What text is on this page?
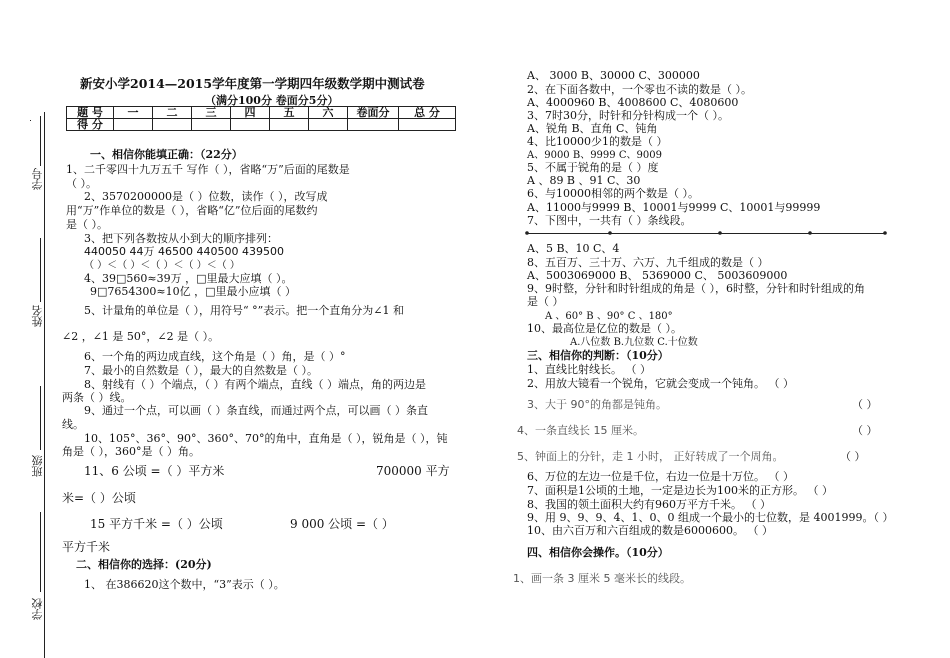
学号
姓名
班级
学校
新安小学2014—2015学年度第一学期四年级数学期中测试卷
（满分100分 卷面分5分）
题 号	一	二	三	四	五	六	卷面分	总 分
得 分								
一、相信你能填正确：（22分）
1、二千零四十九万五千 写作（ ），省略“万”后面的尾数是
（ ）。
2、3570200000是（ ）位数，读作（ ），改写成
用“万”作单位的数是（ ），省略“亿”位后面的尾数约
是（ ）。
3、把下列各数按从小到大的顺序排列：
440050 44万 46500 440500 439500
（ ）＜（ ）＜（ ）＜（ ）＜（ ）
4、39□560≈39万 ，□里最大应填（ ）。
9□7654300≈10亿 ，□里最小应填（ ）
5、计量角的单位是（ ），用符号“ °”表示。把一个直角分为∠1 和
∠2 ，∠1 是 50°，∠2 是（ ）。
6、一个角的两边成直线，这个角是（ ）角，是（ ）°
7、最小的自然数是（ ），最大的自然数是（ ）。
8、射线有（ ）个端点，（ ）有两个端点，直线（ ）端点，角的两边是
两条（ ）线。
9、通过一个点，可以画（ ）条直线，而通过两个点，可以画（ ）条直
线。
10、105°、36°、90°、360°、70°的角中，直角是（ ），锐角是（ ），钝
角是（ ），360°是（ ）角。
11、6 公顷 =（ ）平方米	700000 平方
米=（ ）公顷
15 平方千米 =（ ）公顷	9 000 公顷 =（ ）
平方千米
二、相信你的选择：(20分)
1、 在386620这个数中，“3”表示（ ）。
A、 3000 B、30000 C、300000
2、在下面各数中，一个零也不读的数是（ ）。
A、4000960 B、4008600 C、4080600
3、7时30分，时针和分针构成一个（ ）。
A、锐角 B、直角 C、钝角
4、比10000少1的数是（ ）
A、9000 B、9999 C、9009
5、不属于锐角的是（ ）度
A 、89 B 、91 C、30
6、与10000相邻的两个数是（ ）。
A、11000与9999 B、10001与9999 C、10001与99999
7、下图中，一共有（ ）条线段。
A、5 B、10 C、4
8、五百万、三十万、六万、九千组成的数是（ ）
A、5003069000 B、 5369000 C、 5003609000
9、9时整，分针和时针组成的角是（ ），6时整，分针和时针组成的角
是（ ）
A 、60° B 、90° C 、180°
10、最高位是亿位的数是（ ）。
A.八位数 B.九位数 C.十位数
三、相信你的判断：（10分）
1、直线比射线长。 （ ）
2、用放大镜看一个锐角，它就会变成一个钝角。 （ ）
3、大于 90°的角都是钝角。	（ ）
4、一条直线长 15 厘米。	（ ）
5、钟面上的分针，走 1 小时， 正好转成了一个周角。	（ ）
6、万位的左边一位是千位，右边一位是十万位。 （ ）
7、面积是1公顷的土地，一定是边长为100米的正方形。 （ ）
8、我国的领土面积大约有960万平方千米。 （ ）
9、用 9、9、9、4、1、0、0 组成一个最小的七位数，是 4001999。（ ）
10、由六百万和六百组成的数是6000600。 （ ）
四、相信你会操作。（10分）
1、画一条 3 厘米 5 毫米长的线段。
